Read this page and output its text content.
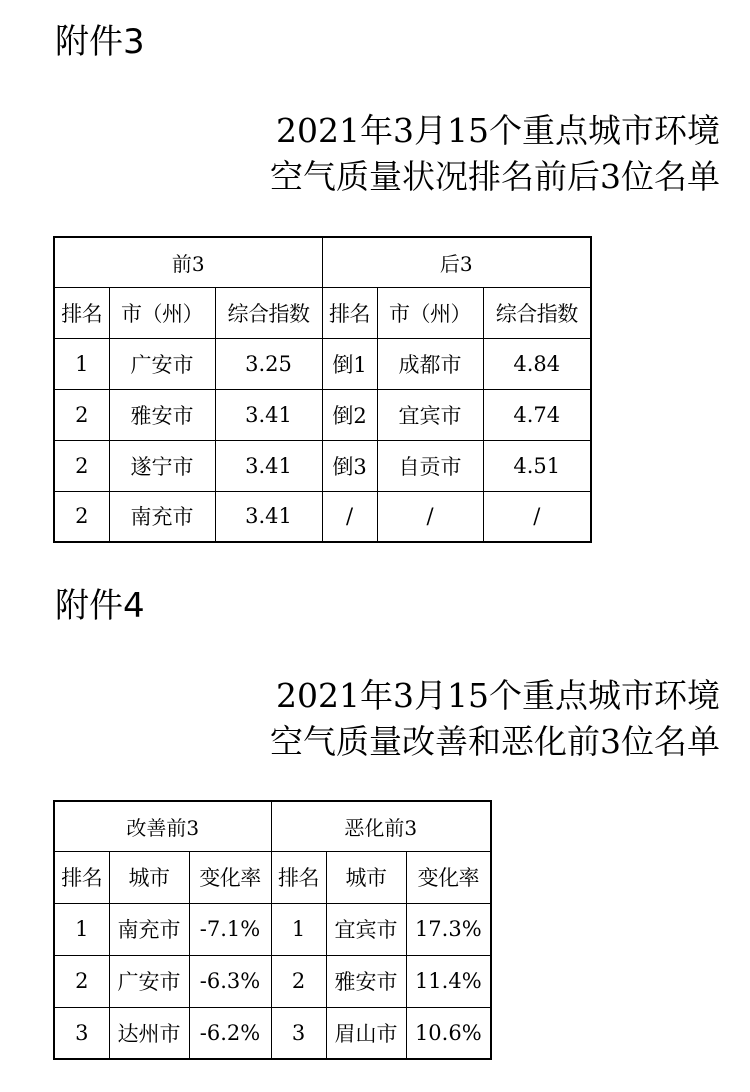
附件3
2021年3月15个重点城市环境
空气质量状况排名前后3位名单
前3			后3		
排名	市（州）	综合指数	排名	市（州）	综合指数
1	广安市	3.25	倒1	成都市	4.84
2	雅安市	3.41	倒2	宜宾市	4.74
2	遂宁市	3.41	倒3	自贡市	4.51
2	南充市	3.41	/	/	/
附件4
2021年3月15个重点城市环境
空气质量改善和恶化前3位名单
改善前3			恶化前3		
排名	城市	变化率	排名	城市	变化率
1	南充市	-7.1%	1	宜宾市	17.3%
2	广安市	-6.3%	2	雅安市	11.4%
3	达州市	-6.2%	3	眉山市	10.6%
